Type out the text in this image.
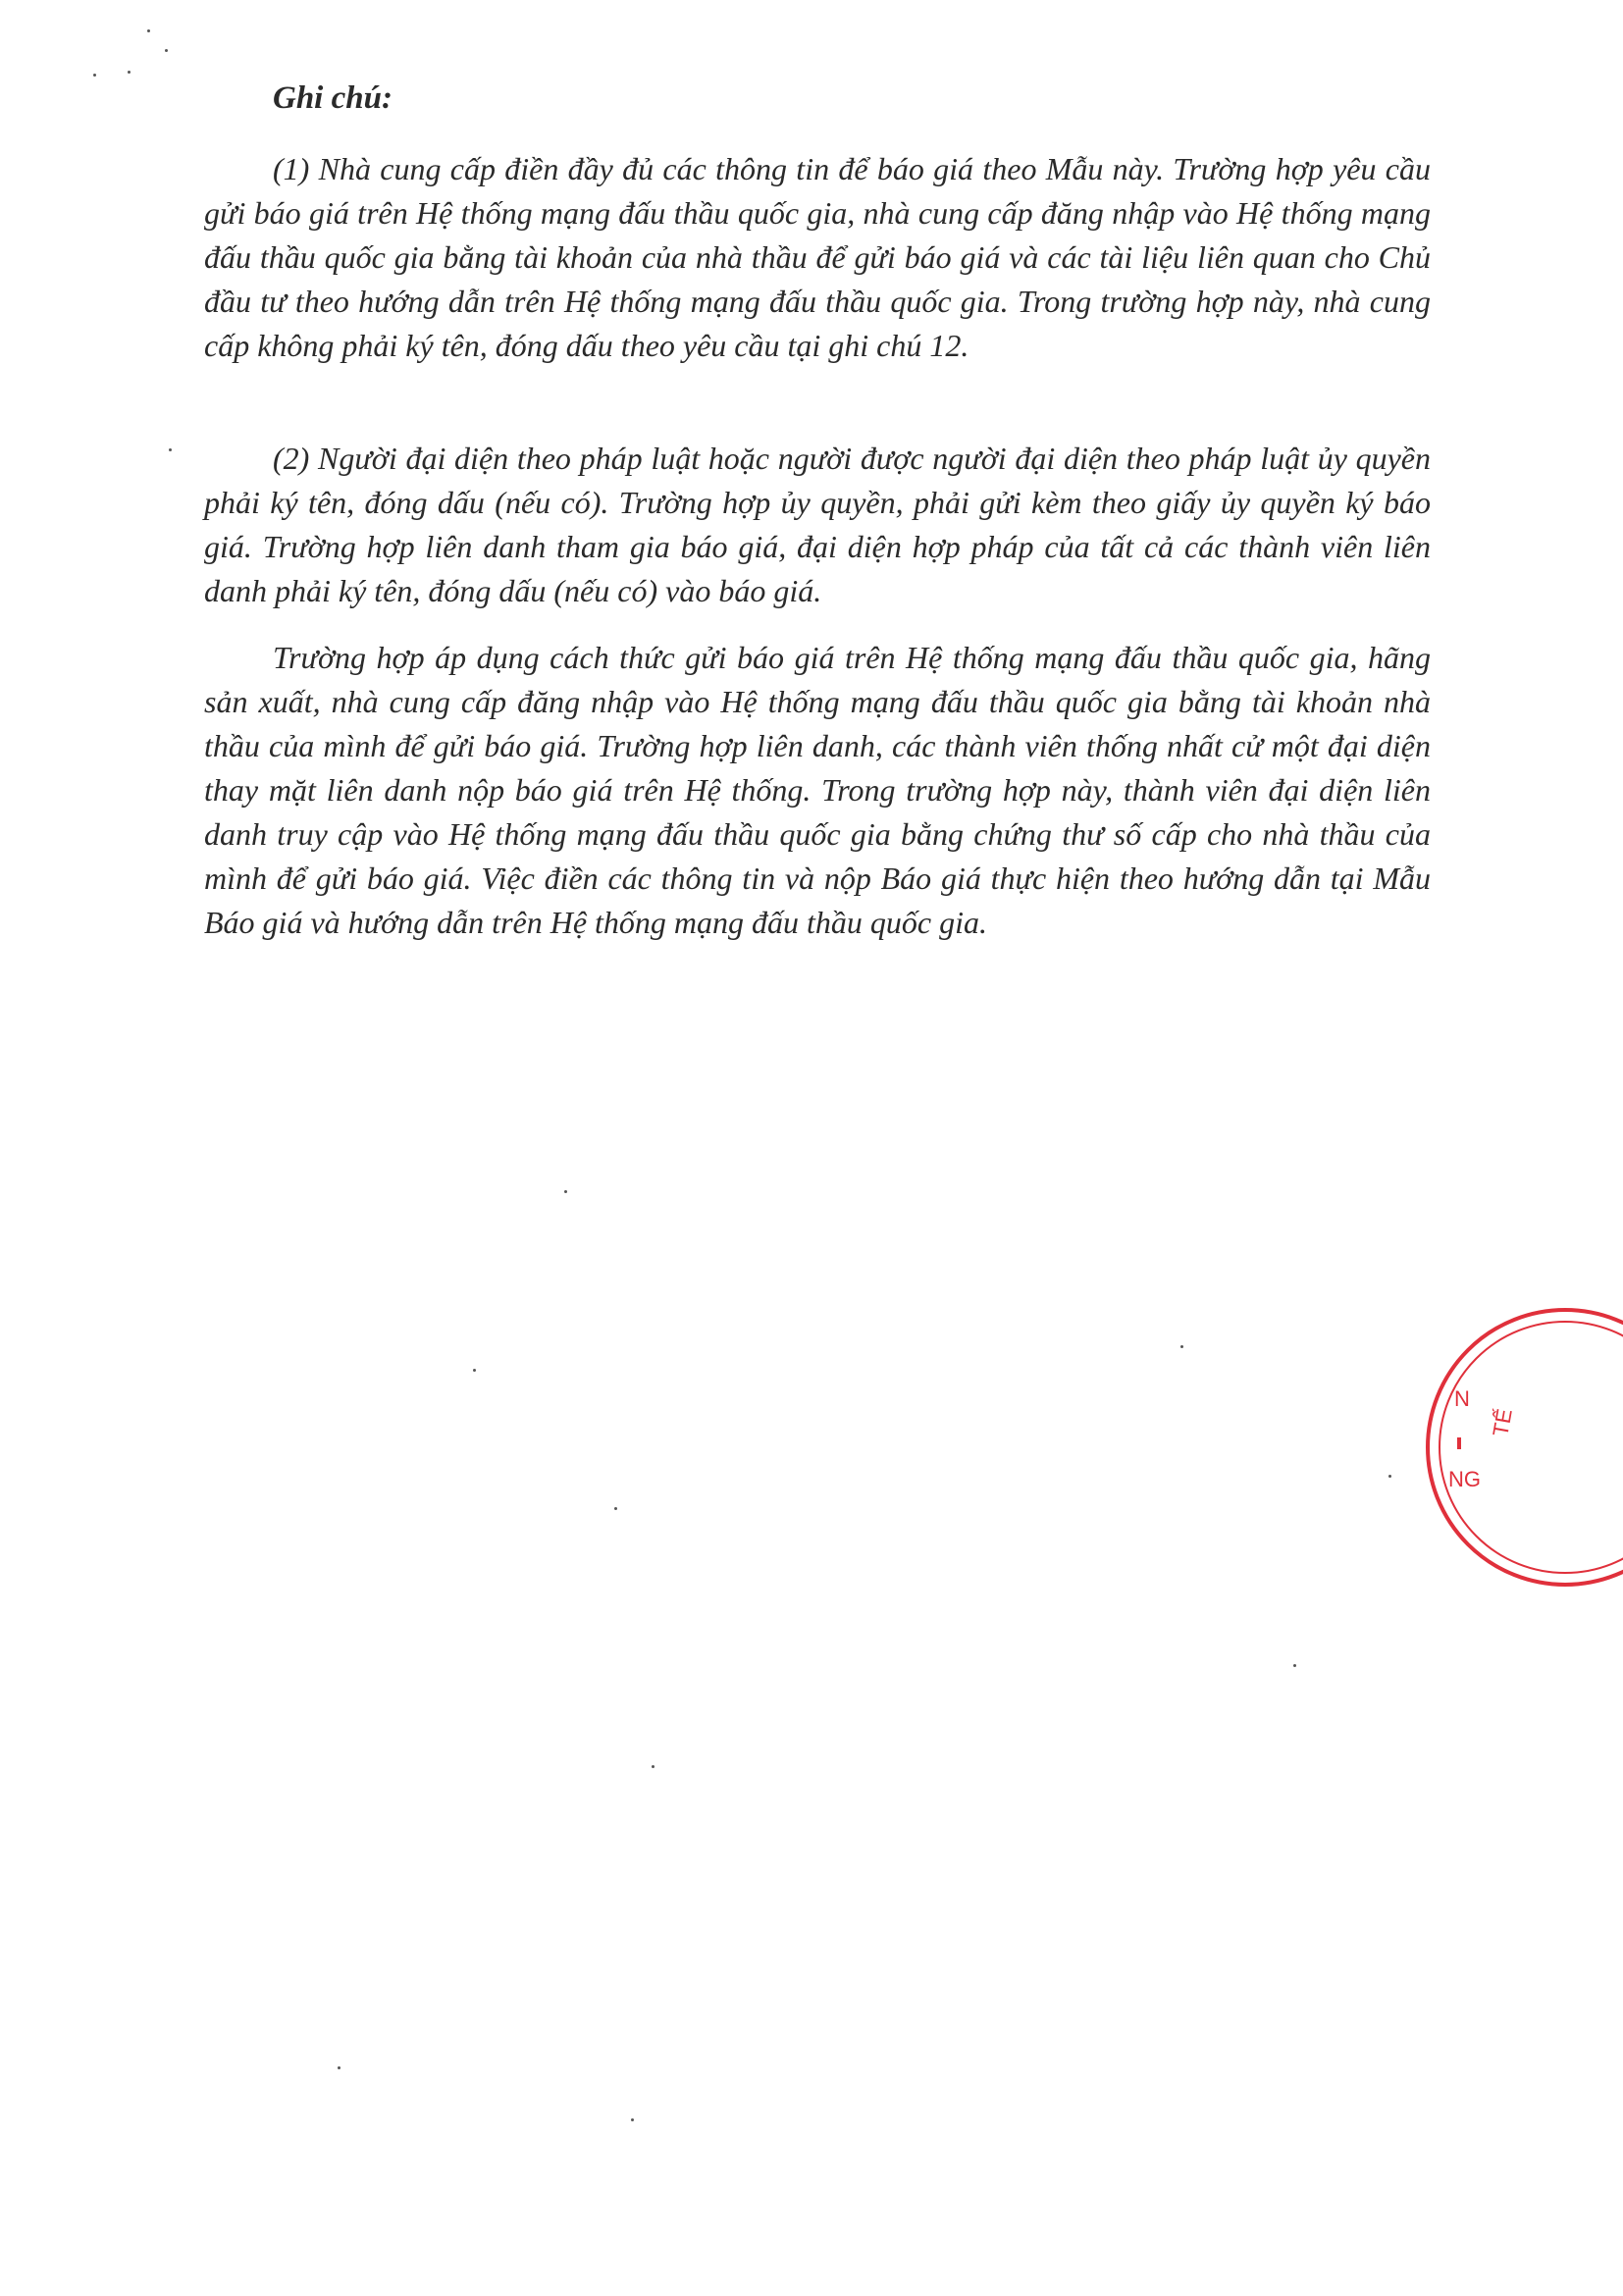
Ghi chú:

(1) Nhà cung cấp điền đầy đủ các thông tin để báo giá theo Mẫu này. Trường hợp yêu cầu gửi báo giá trên Hệ thống mạng đấu thầu quốc gia, nhà cung cấp đăng nhập vào Hệ thống mạng đấu thầu quốc gia bằng tài khoản của nhà thầu để gửi báo giá và các tài liệu liên quan cho Chủ đầu tư theo hướng dẫn trên Hệ thống mạng đấu thầu quốc gia. Trong trường hợp này, nhà cung cấp không phải ký tên, đóng dấu theo yêu cầu tại ghi chú 12.

(2) Người đại diện theo pháp luật hoặc người được người đại diện theo pháp luật ủy quyền phải ký tên, đóng dấu (nếu có). Trường hợp ủy quyền, phải gửi kèm theo giấy ủy quyền ký báo giá. Trường hợp liên danh tham gia báo giá, đại diện hợp pháp của tất cả các thành viên liên danh phải ký tên, đóng dấu (nếu có) vào báo giá.

Trường hợp áp dụng cách thức gửi báo giá trên Hệ thống mạng đấu thầu quốc gia, hãng sản xuất, nhà cung cấp đăng nhập vào Hệ thống mạng đấu thầu quốc gia bằng tài khoản nhà thầu của mình để gửi báo giá. Trường hợp liên danh, các thành viên thống nhất cử một đại diện thay mặt liên danh nộp báo giá trên Hệ thống. Trong trường hợp này, thành viên đại diện liên danh truy cập vào Hệ thống mạng đấu thầu quốc gia bằng chứng thư số cấp cho nhà thầu của mình để gửi báo giá. Việc điền các thông tin và nộp Báo giá thực hiện theo hướng dẫn tại Mẫu Báo giá và hướng dẫn trên Hệ thống mạng đấu thầu quốc gia.

N
TẾ
NG
